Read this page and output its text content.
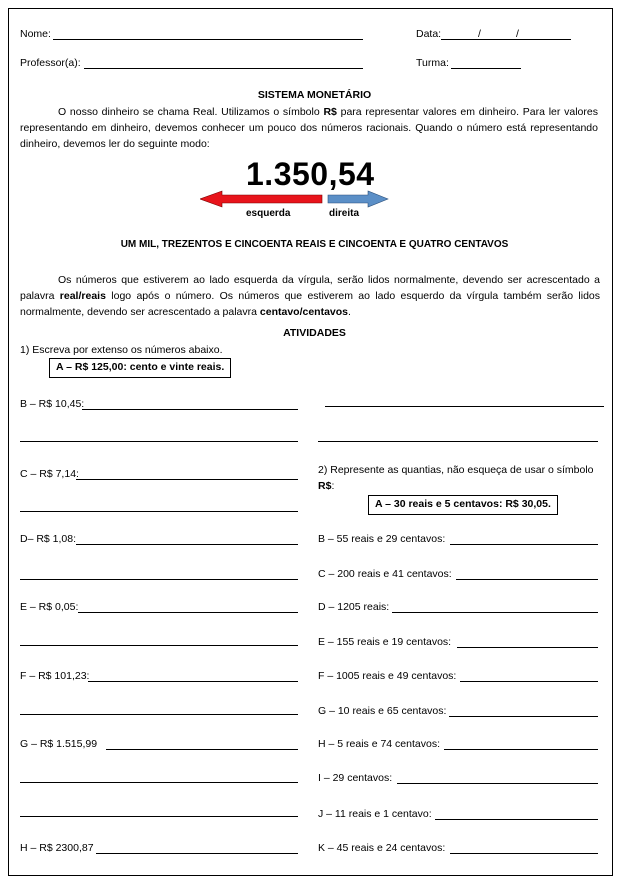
Nome:	Data:	/	/
Professor(a):	Turma:
SISTEMA MONETÁRIO
O nosso dinheiro se chama Real. Utilizamos o símbolo R$ para representar valores em dinheiro. Para ler valores representando em dinheiro, devemos conhecer um pouco dos números racionais. Quando o número está representando dinheiro, devemos ler do seguinte modo:
1.350,54
esquerda	direita
UM MIL, TREZENTOS E CINCOENTA REAIS E CINCOENTA E QUATRO CENTAVOS
Os números que estiverem ao lado esquerda da vírgula, serão lidos normalmente, devendo ser acrescentado a palavra real/reais logo após o número. Os números que estiverem ao lado esquerdo da vírgula também serão lidos normalmente, devendo ser acrescentado a palavra centavo/centavos.
ATIVIDADES
1) Escreva por extenso os números abaixo.
A – R$ 125,00: cento e vinte reais.
B – R$ 10,45:
C – R$ 7,14:
D– R$ 1,08:
E – R$ 0,05:
F – R$ 101,23:
G – R$ 1.515,99
H – R$ 2300,87
2) Represente as quantias, não esqueça de usar o símbolo
R$:
A – 30 reais e 5 centavos: R$ 30,05.
B – 55 reais e 29 centavos:
C – 200 reais e 41 centavos:
D – 1205 reais:
E – 155 reais e 19 centavos:
F – 1005 reais e 49 centavos:
G – 10 reais e 65 centavos:
H – 5 reais e 74 centavos:
I – 29 centavos:
J – 11 reais e 1 centavo:
K – 45 reais e 24 centavos:
